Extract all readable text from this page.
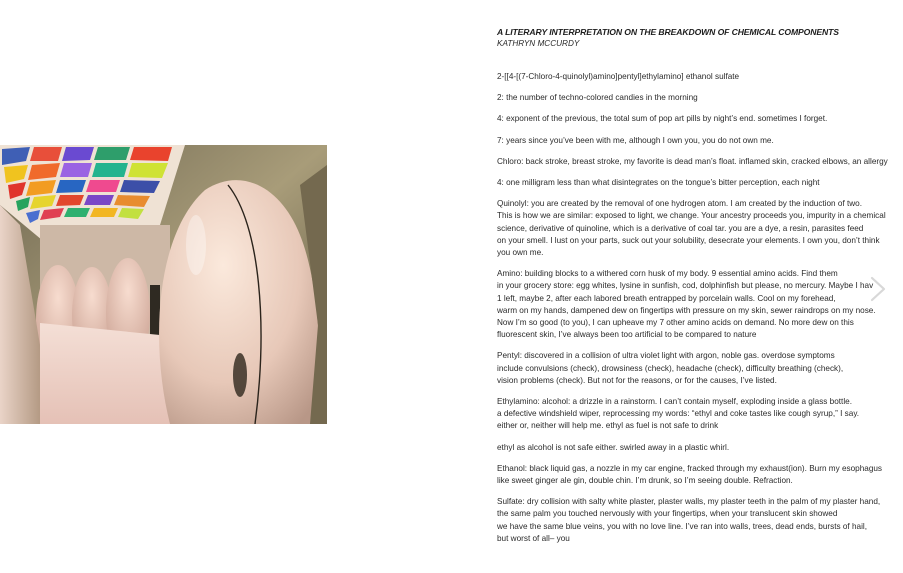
A LITERARY INTERPRETATION ON THE BREAKDOWN OF CHEMICAL COMPONENTS
KATHRYN MCCURDY

2-[[4-[(7-Chloro-4-quinolyl)amino]pentyl]ethylamino] ethanol sulfate

2: the number of techno-colored candies in the morning

4: exponent of the previous, the total sum of pop art pills by night’s end. sometimes I forget.

7: years since you’ve been with me, although I own you, you do not own me.

Chloro: back stroke, breast stroke, my favorite is dead man’s float. inflamed skin, cracked elbows, an allergy

4: one milligram less than what disintegrates on the tongue’s bitter perception, each night

Quinolyl: you are created by the removal of one hydrogen atom. I am created by the induction of two.
This is how we are similar: exposed to light, we change. Your ancestry proceeds you, impurity in a chemical
science, derivative of quinoline, which is a derivative of coal tar. you are a dye, a resin, parasites feed
on your smell. I lust on your parts, suck out your solubility, desecrate your elements. I own you, don’t think
you own me.

Amino: building blocks to a withered corn husk of my body. 9 essential amino acids. Find them
in your grocery store: egg whites, lysine in sunfish, cod, dolphinfish but please, no mercury. Maybe I hav
1 left, maybe 2, after each labored breath entrapped by porcelain walls. Cool on my forehead,
warm on my hands, dampened dew on fingertips with pressure on my skin, sewer raindrops on my nose.
Now I’m so good (to you), I can upheave my 7 other amino acids on demand. No more dew on this
fluorescent skin, I’ve always been too artificial to be compared to nature

Pentyl: discovered in a collision of ultra violet light with argon, noble gas. overdose symptoms
include convulsions (check), drowsiness (check), headache (check), difficulty breathing (check),
vision problems (check). But not for the reasons, or for the causes, I’ve listed.

Ethylamino: alcohol: a drizzle in a rainstorm. I can’t contain myself, exploding inside a glass bottle.
a defective windshield wiper, reprocessing my words: “ethyl and coke tastes like cough syrup,” I say.
either or, neither will help me. ethyl as fuel is not safe to drink

ethyl as alcohol is not safe either. swirled away in a plastic whirl.

Ethanol: black liquid gas, a nozzle in my car engine, fracked through my exhaust(ion). Burn my esophagus
like sweet ginger ale gin, double chin. I’m drunk, so I’m seeing double. Refraction.

Sulfate: dry collision with salty white plaster, plaster walls, my plaster teeth in the palm of my plaster hand,
the same palm you touched nervously with your fingertips, when your translucent skin showed
we have the same blue veins, you with no love line. I’ve ran into walls, trees, dead ends, bursts of hail,
but worst of all– you
